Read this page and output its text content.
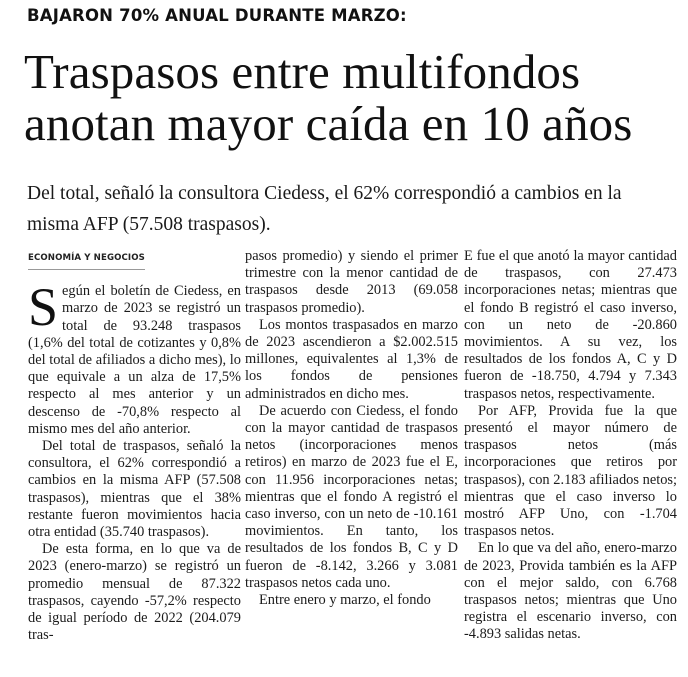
BAJARON 70% ANUAL DURANTE MARZO:
Traspasos entre multifondos
anotan mayor caída en 10 años

Del total, señaló la consultora Ciedess, el 62% correspondió a cambios en la misma AFP (57.508 traspasos).

ECONOMÍA Y NEGOCIOS

Según el boletín de Ciedess, en marzo de 2023 se registró un total de 93.248 traspasos (1,6% del total de cotizantes y 0,8% del total de afiliados a dicho mes), lo que equivale a un alza de 17,5% respecto al mes anterior y un descenso de -70,8% respecto al mismo mes del año anterior.

Del total de traspasos, señaló la consultora, el 62% correspondió a cambios en la misma AFP (57.508 traspasos), mientras que el 38% restante fueron movimientos hacia otra entidad (35.740 traspasos).

De esta forma, en lo que va de 2023 (enero-marzo) se registró un promedio mensual de 87.322 traspasos, cayendo -57,2% respecto de igual período de 2022 (204.079 tras-

pasos promedio) y siendo el primer trimestre con la menor cantidad de traspasos desde 2013 (69.058 traspasos promedio).

Los montos traspasados en marzo de 2023 ascendieron a $2.002.515 millones, equivalentes al 1,3% de los fondos de pensiones administrados en dicho mes.

De acuerdo con Ciedess, el fondo con la mayor cantidad de traspasos netos (incorporaciones menos retiros) en marzo de 2023 fue el E, con 11.956 incorporaciones netas; mientras que el fondo A registró el caso inverso, con un neto de -10.161 movimientos. En tanto, los resultados de los fondos B, C y D fueron de -8.142, 3.266 y 3.081 traspasos netos cada uno.

Entre enero y marzo, el fondo

E fue el que anotó la mayor cantidad de traspasos, con 27.473 incorporaciones netas; mientras que el fondo B registró el caso inverso, con un neto de -20.860 movimientos. A su vez, los resultados de los fondos A, C y D fueron de -18.750, 4.794 y 7.343 traspasos netos, respectivamente.

Por AFP, Provida fue la que presentó el mayor número de traspasos netos (más incorporaciones que retiros por traspasos), con 2.183 afiliados netos; mientras que el caso inverso lo mostró AFP Uno, con -1.704 traspasos netos.

En lo que va del año, enero-marzo de 2023, Provida también es la AFP con el mejor saldo, con 6.768 traspasos netos; mientras que Uno registra el escenario inverso, con -4.893 salidas netas.
